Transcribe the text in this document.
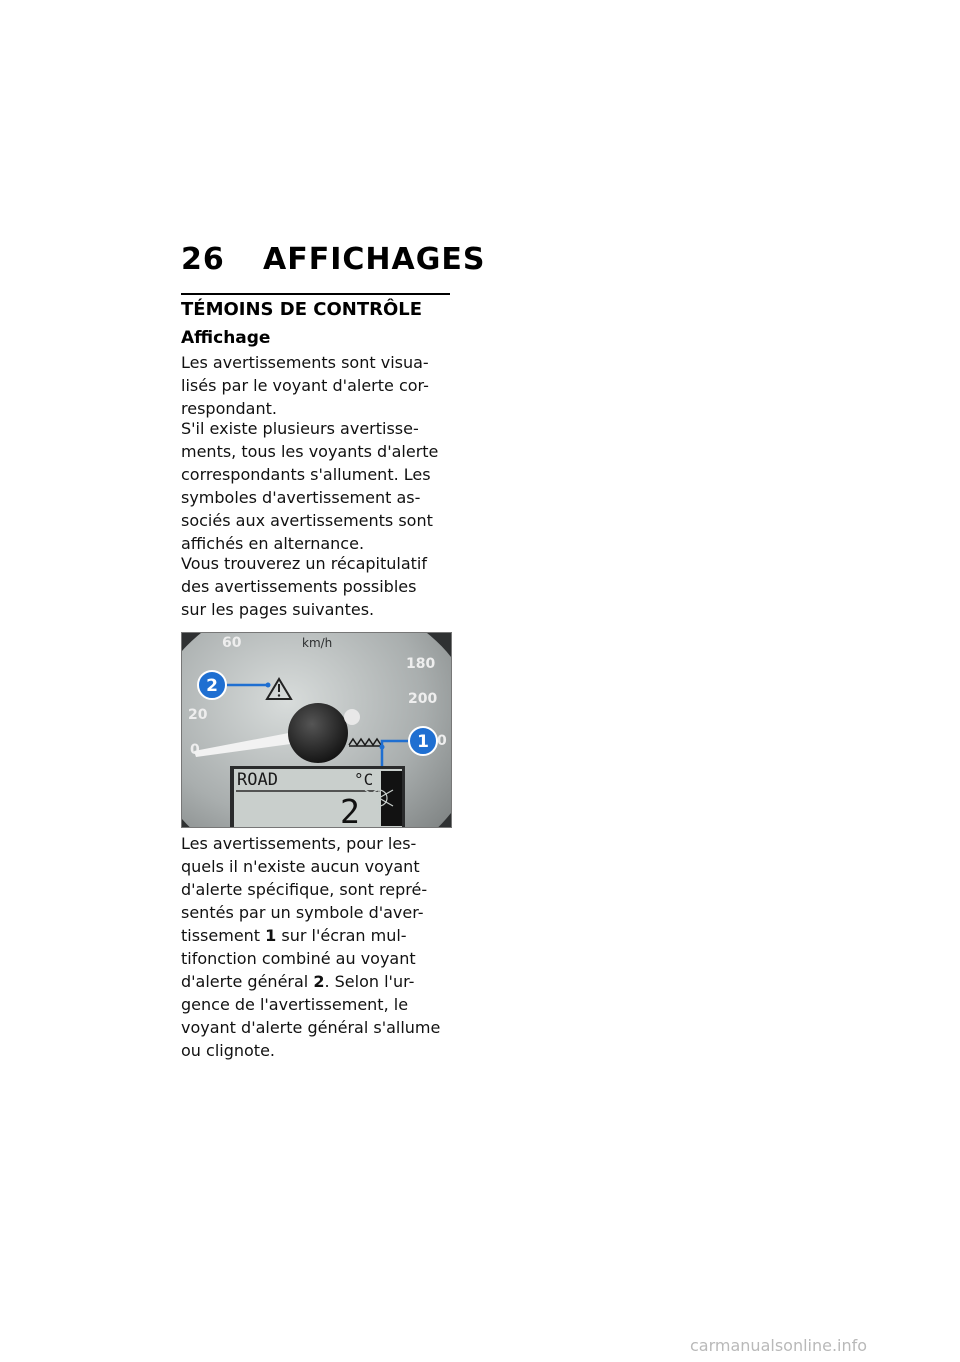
26 AFFICHAGES
TÉMOINS DE CONTRÔLE
Affichage

Les avertissements sont visua-
lisés par le voyant d'alerte cor-
respondant.

S'il existe plusieurs avertisse-
ments, tous les voyants d'alerte
correspondants s'allument. Les
symboles d'avertissement as-
sociés aux avertissements sont
affichés en alternance.

Vous trouverez un récapitulatif
des avertissements possibles
sur les pages suivantes.

60
180
200
20
0
0
km/h
2
1
ROAD	°C
2

Les avertissements, pour les-
quels il n'existe aucun voyant
d'alerte spécifique, sont repré-
sentés par un symbole d'aver-
tissement 1 sur l'écran mul-
tifonction combiné au voyant
d'alerte général 2. Selon l'ur-
gence de l'avertissement, le
voyant d'alerte général s'allume
ou clignote.

carmanualsonline.info
